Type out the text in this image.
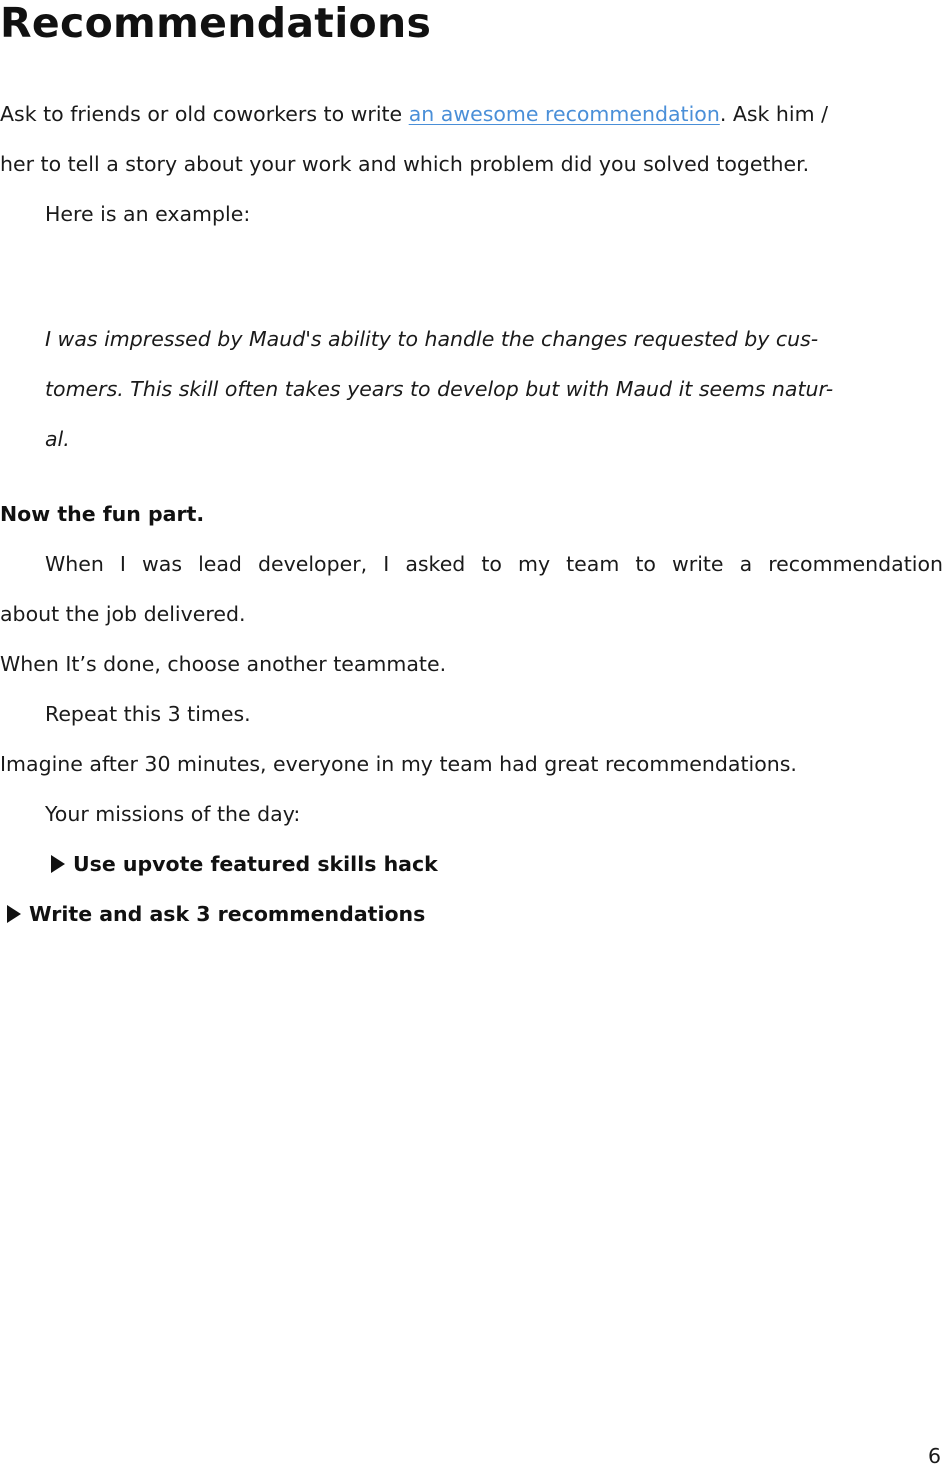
Recommendations
Ask to friends or old coworkers to write an awesome recommendation. Ask him /
her to tell a story about your work and which problem did you solved together.
Here is an example:
I was impressed by Maud's ability to handle the changes requested by cus-
tomers. This skill often takes years to develop but with Maud it seems natur-
al.
Now the fun part.
When I was lead developer, I asked to my team to write a recommendation
about the job delivered.
When It’s done, choose another teammate.
Repeat this 3 times.
Imagine after 30 minutes, everyone in my team had great recommendations.
Your missions of the day:
Use upvote featured skills hack
Write and ask 3 recommendations
6
